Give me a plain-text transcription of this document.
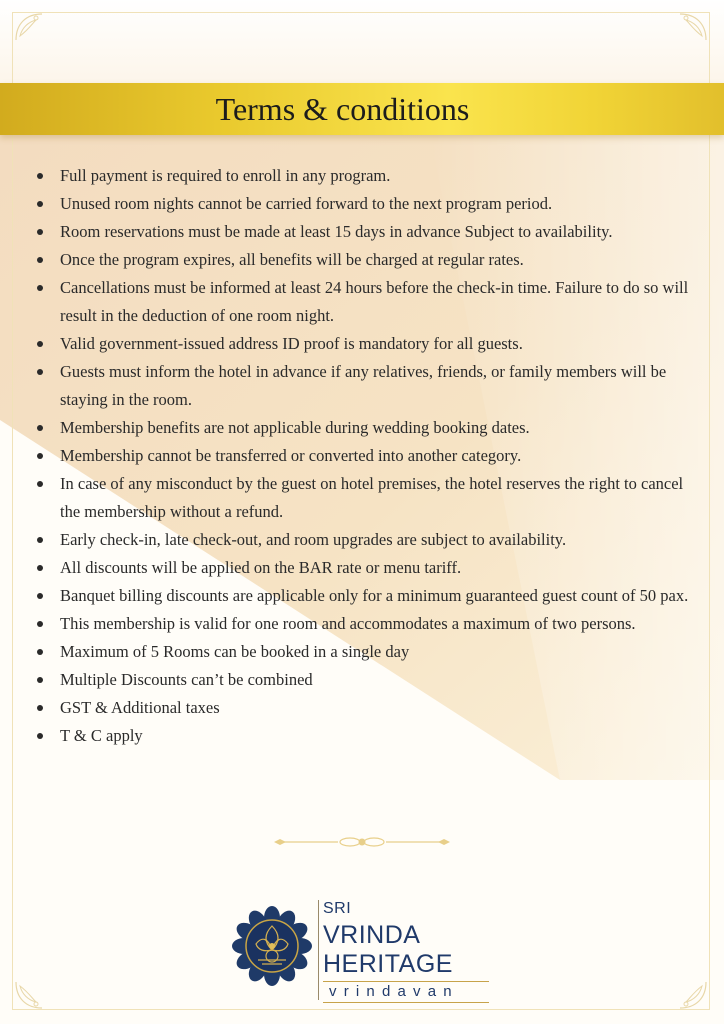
Terms & conditions
Full payment is required to enroll in any program.
Unused room nights cannot be carried forward to the next program period.
Room reservations must be made at least 15 days in advance Subject to availability.
Once the program expires, all benefits will be charged at regular rates.
Cancellations must be informed at least 24 hours before the check-in time. Failure to do so will result in the deduction of one room night.
Valid government-issued address ID proof is mandatory for all guests.
Guests must inform the hotel in advance if any relatives, friends, or family members will be staying in the room.
Membership benefits are not applicable during wedding booking dates.
Membership cannot be transferred or converted into another category.
In case of any misconduct by the guest on hotel premises, the hotel reserves the right to cancel the membership without a refund.
Early check-in, late check-out, and room upgrades are subject to availability.
All discounts will be applied on the BAR rate or menu tariff.
Banquet billing discounts are applicable only for a minimum guaranteed guest count of 50 pax.
This membership is valid for one room and accommodates a maximum of two persons.
Maximum of 5 Rooms can be booked in a single day
Multiple Discounts can’t be combined
GST & Additional taxes
T & C apply
SRI
VRINDA
HERITAGE
vrindavan
